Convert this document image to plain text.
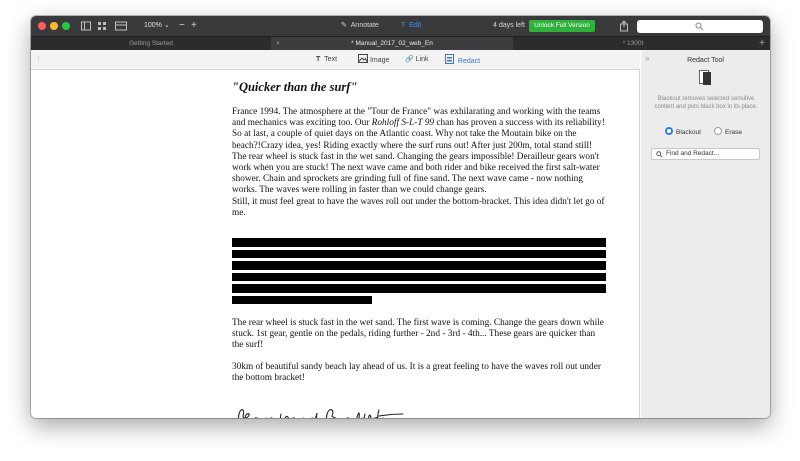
100% ⌄ − +	✎ Annotate	T Edit	4 days left	Unlock Full Version
Getting Started	×	* Manual_2017_02_web_En	* 1300t	+
⋮	T Text	Image 🔗 Link	Redact
"Quicker than the surf"
France 1994. The atmosphere at the "Tour de France" was exhilarating and working with the teams and mechanics was exciting too. Our Rohloff S-L-T 99 chan has proven a success with its reliability! So at last, a couple of quiet days on the Atlantic coast. Why not take the Moutain bike on the beach?!Crazy idea, yes! Riding exactly where the surf runs out! After just 200m, total stand still! The rear wheel is stuck fast in the wet sand. Changing the gears impossible! Derailleur gears won't work when you are stuck! The next wave came and both rider and bike received the first salt-water shower. Chain and sprockets are grinding full of fine sand. The next wave came - now nothing works. The waves were rolling in faster than we could change gears.
Still, it must feel great to have the waves roll out under the bottom-bracket. This idea didn't let go of me.
The rear wheel is stuck fast in the wet sand. The first wave is coming. Change the gears down while stuck. 1st gear, gentle on the pedals, riding further - 2nd - 3rd - 4th... These gears are quicker than the surf!
30km of beautiful sandy beach lay ahead of us. It is a great feeling to have the waves roll out under the bottom bracket!
»	Redact Tool
Blackout removes selected sensitive content and puts black box in its place.
Blackout	Erase
Find and Redact...
